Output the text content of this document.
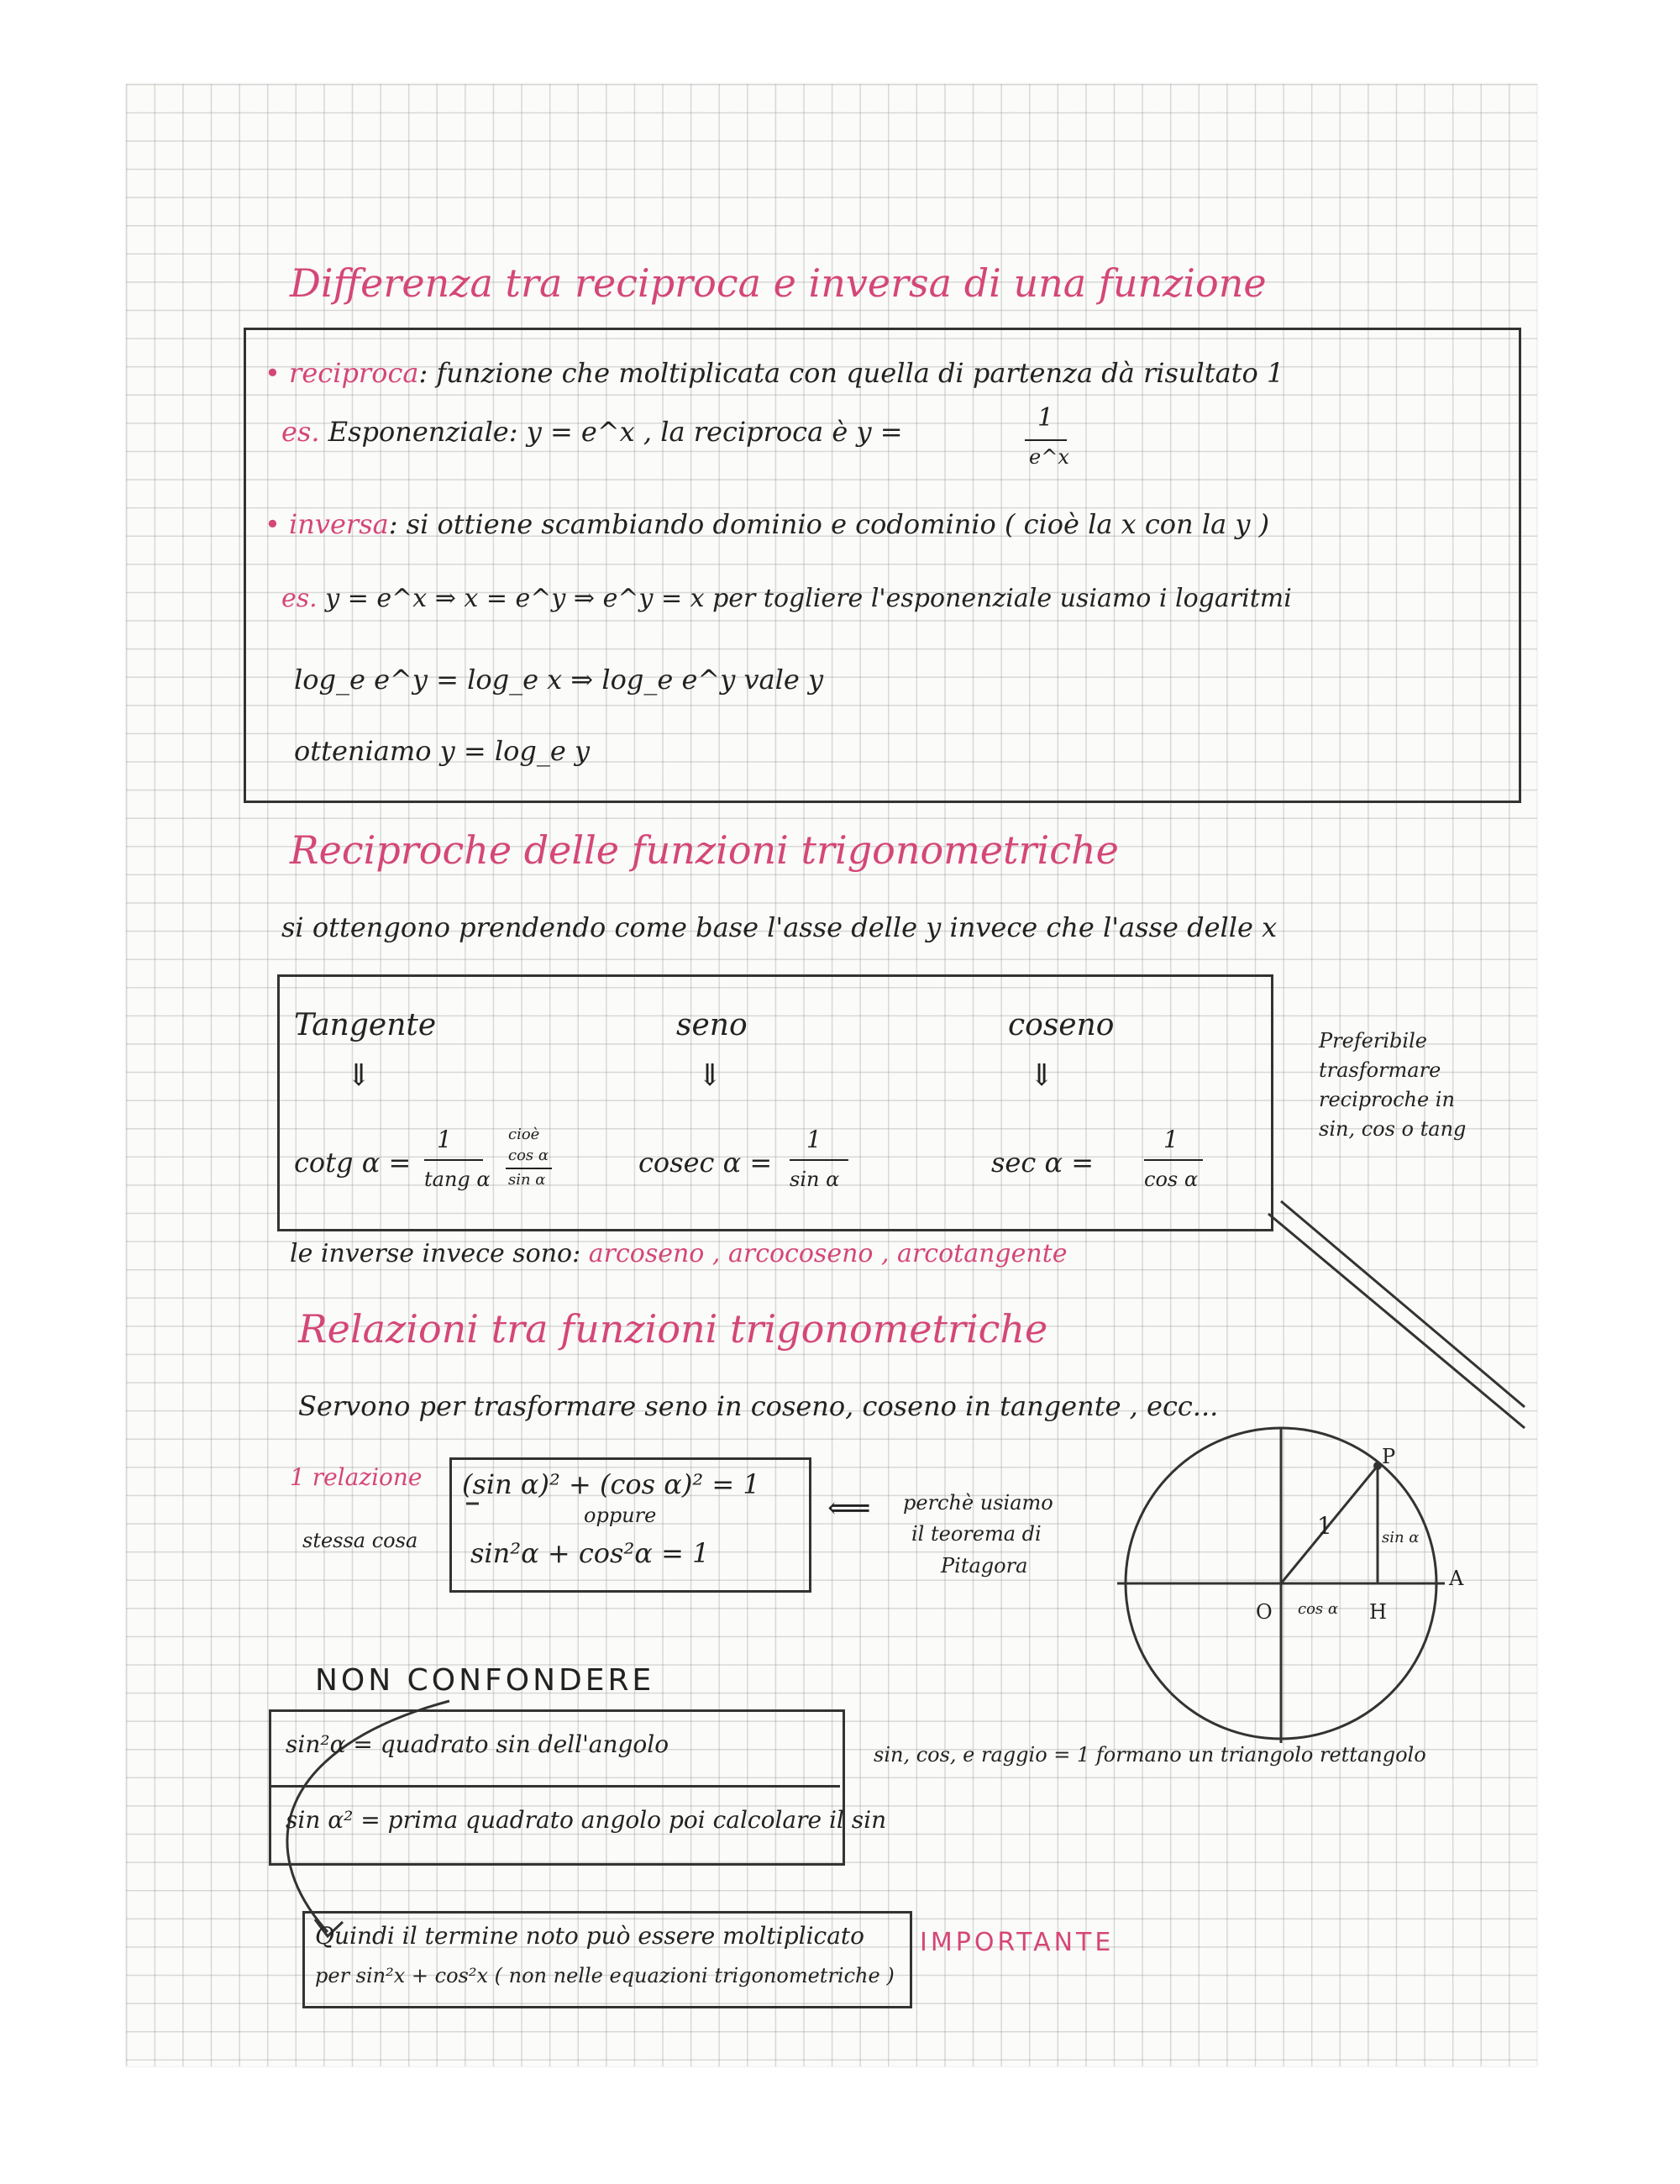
Differenza tra reciproca e inversa di una funzione
• reciproca: funzione che moltiplicata con quella di partenza dà risultato 1
es. Esponenziale: y = e^x , la reciproca è y =	1
e^x
• inversa: si ottiene scambiando dominio e codominio ( cioè la x con la y )
es. y = e^x ⇒ x = e^y ⇒ e^y = x per togliere l'esponenziale usiamo i logaritmi
log_e e^y = log_e x ⇒ log_e e^y vale y
otteniamo y = log_e y
Reciproche delle funzioni trigonometriche
si ottengono prendendo come base l'asse delle y invece che l'asse delle x
Tangente
⇓
cotg α =
1
tang α
cioè
cos α
sin α
seno
⇓
cosec α =
1
sin α
coseno
⇓
sec α =
1
cos α
Preferibile
trasformare
reciproche in
sin, cos o tang
le inverse invece sono: arcoseno , arcocoseno , arcotangente
Relazioni tra funzioni trigonometriche
Servono per trasformare seno in coseno, coseno in tangente , ecc...
1 relazione
stessa cosa
(sin α)² + (cos α)² = 1
oppure
sin²α + cos²α = 1
⟸ perchè usiamo
il teorema di
Pitagora
P
A
O	H
1	sin α
cos α
NON CONFONDERE
sin²α = quadrato sin dell'angolo
sin α² = prima quadrato angolo poi calcolare il sin
sin, cos, e raggio = 1 formano un triangolo rettangolo
Quindi il termine noto può essere moltiplicato
per sin²x + cos²x ( non nelle equazioni trigonometriche )
IMPORTANTE
